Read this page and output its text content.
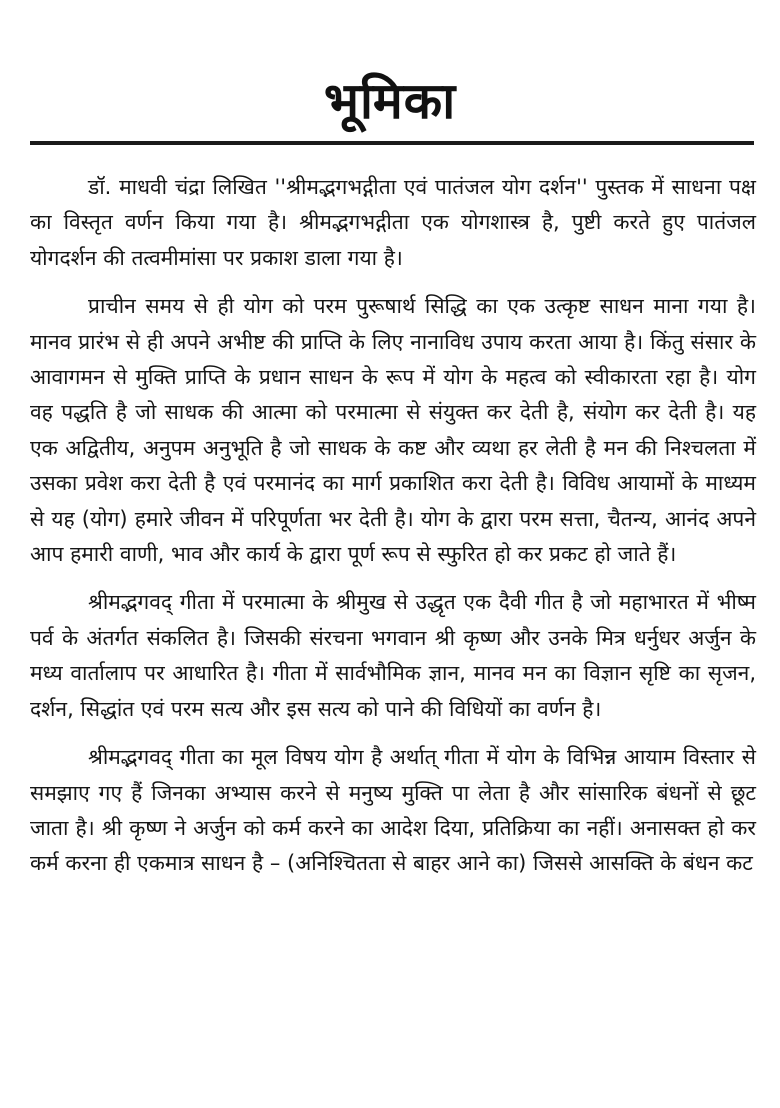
भूमिका

डॉ. माधवी चंद्रा लिखित ''श्रीमद्भगभद्गीता एवं पातंजल योग दर्शन'' पुस्तक में साधना पक्ष का विस्तृत वर्णन किया गया है। श्रीमद्भगभद्गीता एक योगशास्त्र है, पुष्टी करते हुए पातंजल योगदर्शन की तत्वमीमांसा पर प्रकाश डाला गया है।

प्राचीन समय से ही योग को परम पुरूषार्थ सिद्धि का एक उत्कृष्ट साधन माना गया है। मानव प्रारंभ से ही अपने अभीष्ट की प्राप्ति के लिए नानाविध उपाय करता आया है। किंतु संसार के आवागमन से मुक्ति प्राप्ति के प्रधान साधन के रूप में योग के महत्व को स्वीकारता रहा है। योग वह पद्धति है जो साधक की आत्मा को परमात्मा से संयुक्त कर देती है, संयोग कर देती है। यह एक अद्वितीय, अनुपम अनुभूति है जो साधक के कष्ट और व्यथा हर लेती है मन की निश्चलता में उसका प्रवेश करा देती है एवं परमानंद का मार्ग प्रकाशित करा देती है। विविध आयामों के माध्यम से यह (योग) हमारे जीवन में परिपूर्णता भर देती है। योग के द्वारा परम सत्ता, चैतन्य, आनंद अपने आप हमारी वाणी, भाव और कार्य के द्वारा पूर्ण रूप से स्फुरित हो कर प्रकट हो जाते हैं।

श्रीमद्भगवद् गीता में परमात्मा के श्रीमुख से उद्धृत एक दैवी गीत है जो महाभारत में भीष्म पर्व के अंतर्गत संकलित है। जिसकी संरचना भगवान श्री कृष्ण और उनके मित्र धर्नुधर अर्जुन के मध्य वार्तालाप पर आधारित है। गीता में सार्वभौमिक ज्ञान, मानव मन का विज्ञान सृष्टि का सृजन, दर्शन, सिद्धांत एवं परम सत्य और इस सत्य को पाने की विधियों का वर्णन है।

श्रीमद्भगवद् गीता का मूल विषय योग है अर्थात् गीता में योग के विभिन्न आयाम विस्तार से समझाए गए हैं जिनका अभ्यास करने से मनुष्य मुक्ति पा लेता है और सांसारिक बंधनों से छूट जाता है। श्री कृष्ण ने अर्जुन को कर्म करने का आदेश दिया, प्रतिक्रिया का नहीं। अनासक्त हो कर कर्म करना ही एकमात्र साधन है – (अनिश्चितता से बाहर आने का) जिससे आसक्ति के बंधन कट
